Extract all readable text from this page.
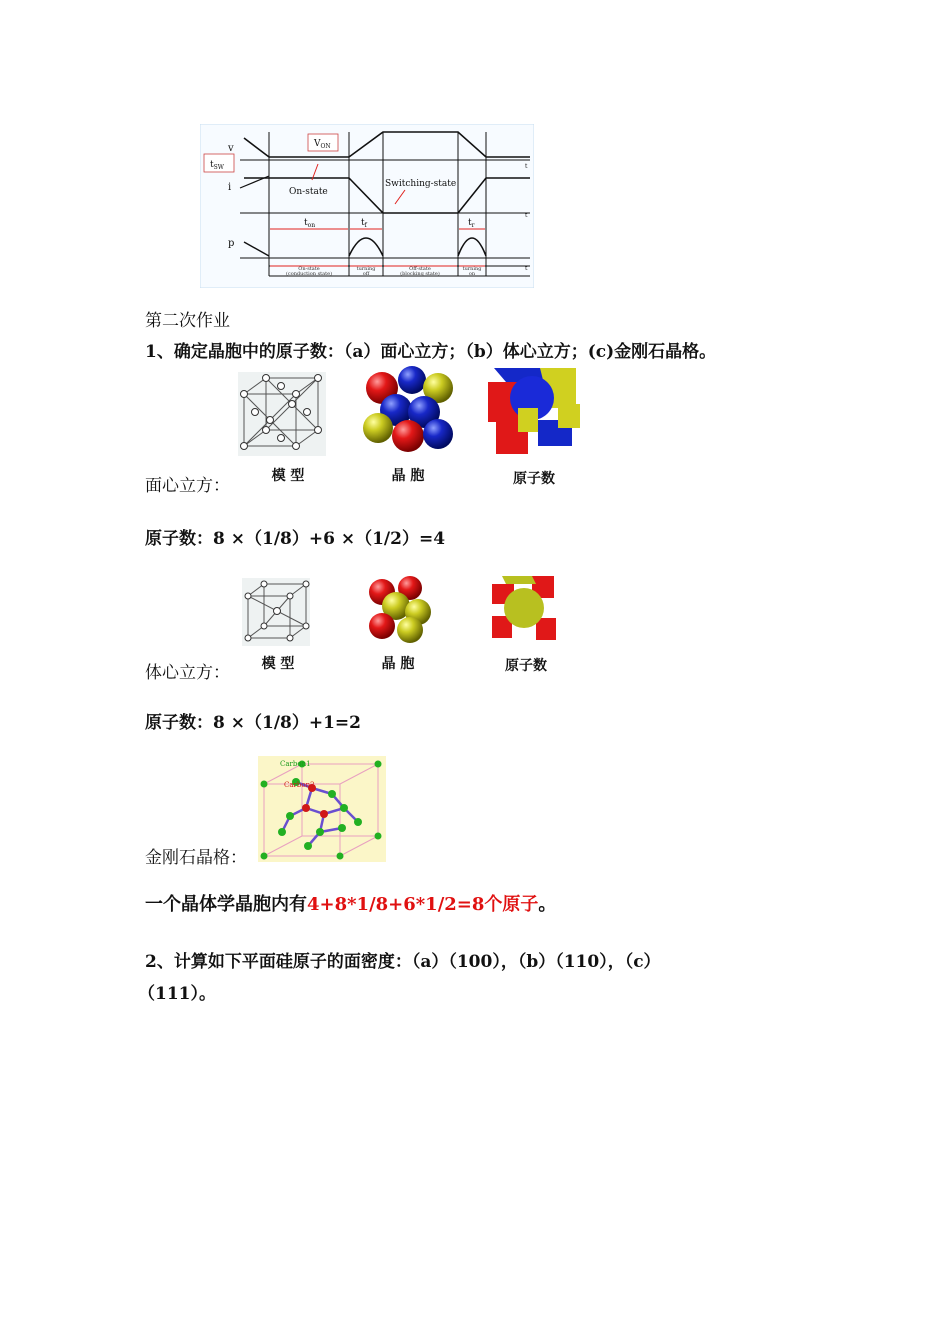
v
i
p
$V_{ON}$
$t_{SW}$
On-state
Switching-state
$t_{on}$	$t_f$	$t_r$
t
t
t
On-state
(conduction state)
turning
off
Off-state
(blocking state)
turning
on
第二次作业
1、确定晶胞中的原子数：（a）面心立方；（b）体心立方；(c)金刚石晶格。
模 型	晶 胞	原子数
面心立方：
原子数：8 ×（1/8）+6 ×（1/2）=4
模 型	晶 胞	原子数
体心立方：
原子数：8 ×（1/8）+1=2
Carbon1
Carbon2
金刚石晶格：
一个晶体学晶胞内有4+8*1/8+6*1/2=8个原子。
2、计算如下平面硅原子的面密度：（a）（100），（b）（110），（c）
（111）。
